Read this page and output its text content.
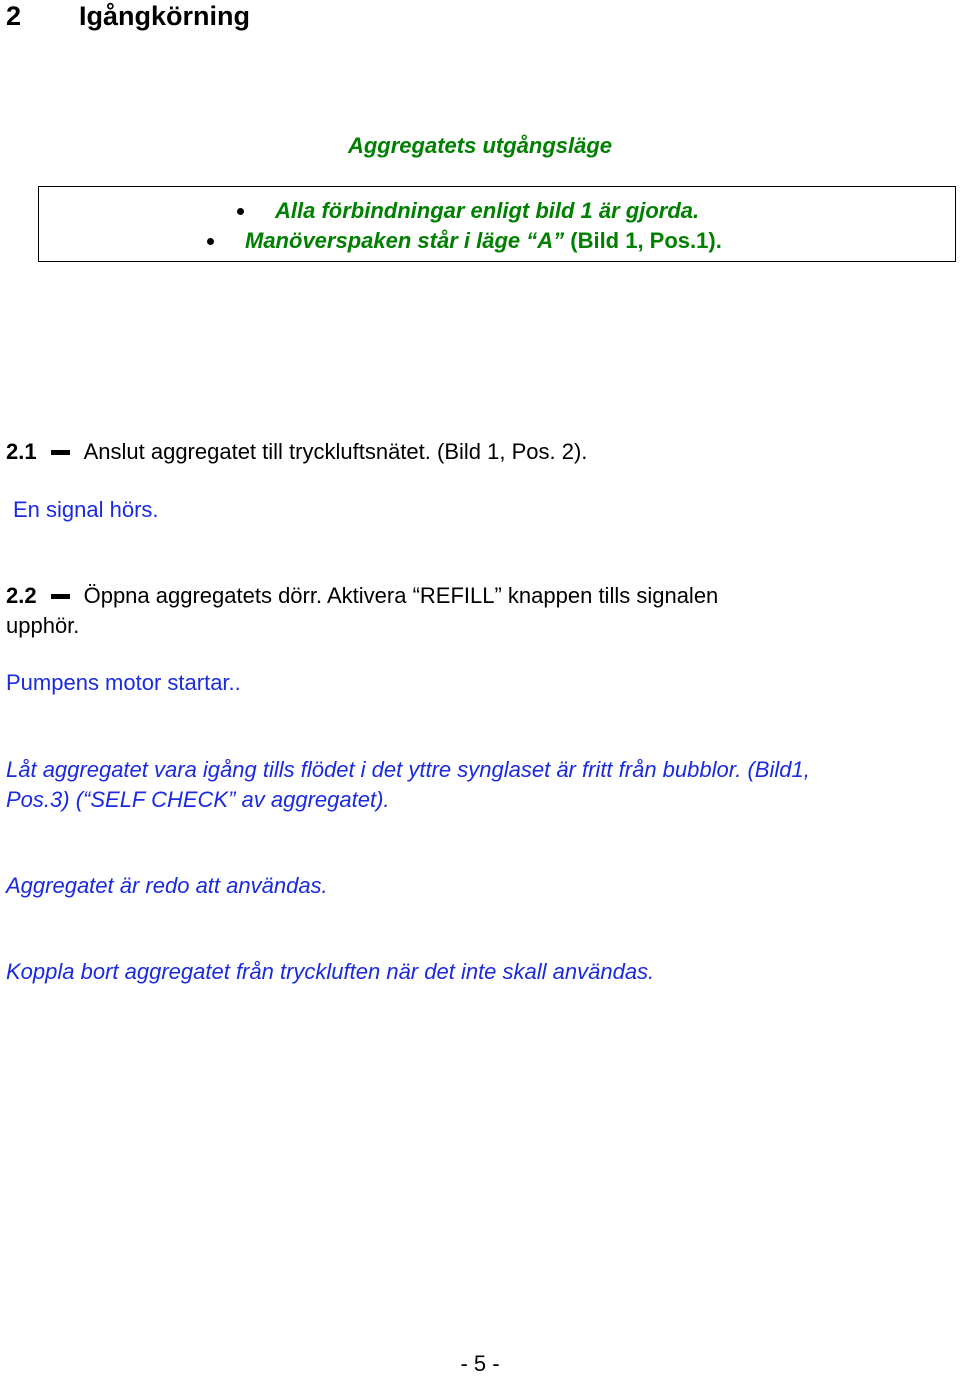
2 Igångkörning
Aggregatets utgångsläge
Alla förbindningar enligt bild 1 är gjorda.
Manöverspaken står i läge “A” (Bild 1, Pos.1).
2.1 Anslut aggregatet till tryckluftsnätet. (Bild 1, Pos. 2).
En signal hörs.
2.2 Öppna aggregatets dörr. Aktivera “REFILL” knappen tills signalen
upphör.
Pumpens motor startar..
Låt aggregatet vara igång tills flödet i det yttre synglaset är fritt från bubblor. (Bild1,
Pos.3) (“SELF CHECK” av aggregatet).
Aggregatet är redo att användas.
Koppla bort aggregatet från tryckluften när det inte skall användas.
- 5 -
